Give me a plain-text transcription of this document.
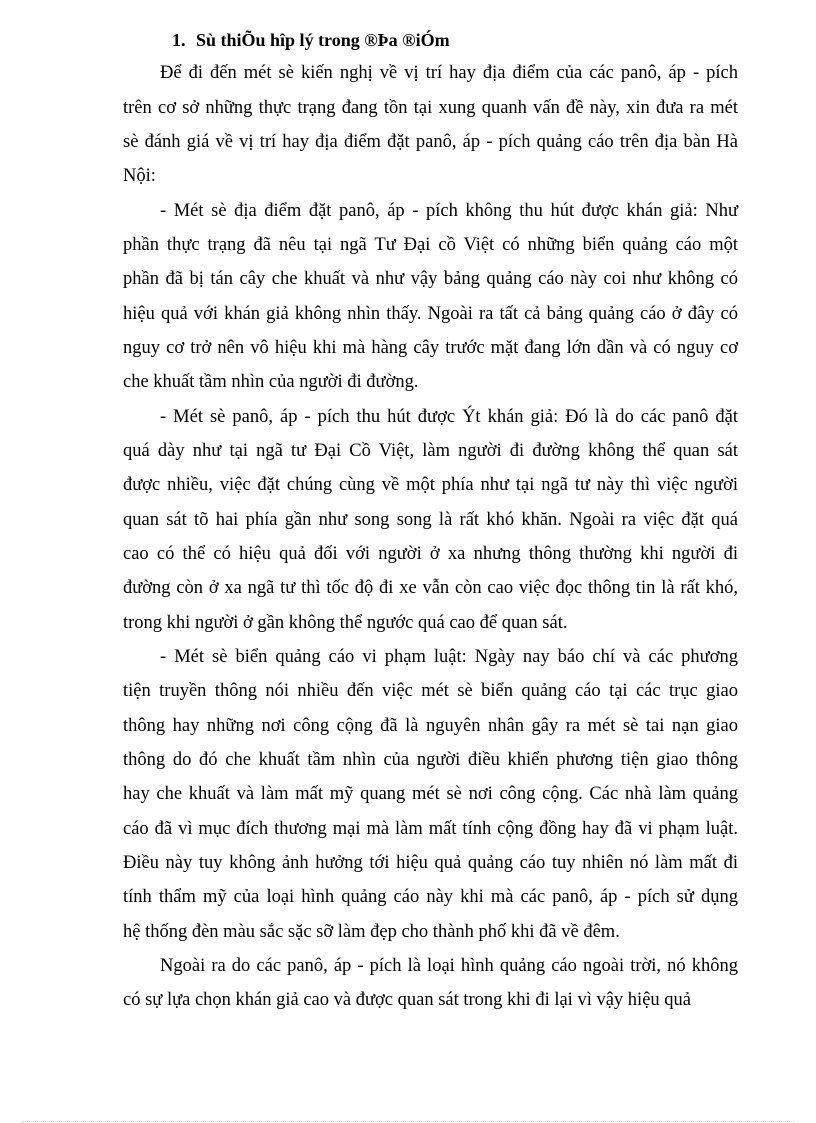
1. Sù thiÕu hîp lý trong ®Þa ®iÓm
Để đi đến mét sè kiến nghị về vị trí hay địa điểm của các panô, áp - pích
trên cơ sở những thực trạng đang tồn tại xung quanh vấn đề này, xin đưa ra mét
sè đánh giá về vị trí hay địa điểm đặt panô, áp - pích quảng cáo trên địa bàn Hà
Nội:
- Mét sè địa điểm đặt panô, áp - pích không thu hút được khán giả: Như
phần thực trạng đã nêu tại ngã Tư Đại cồ Việt có những biển quảng cáo một
phần đã bị tán cây che khuất và như vậy bảng quảng cáo này coi như không có
hiệu quả với khán giả không nhìn thấy. Ngoài ra tất cả bảng quảng cáo ở đây có
nguy cơ trở nên vô hiệu khi mà hàng cây trước mặt đang lớn dần và có nguy cơ
che khuất tầm nhìn của người đi đường.
- Mét sè panô, áp - pích thu hút được Ýt khán giả: Đó là do các panô đặt
quá dày như tại ngã tư Đại Cồ Việt, làm người đi đường không thể quan sát
được nhiều, việc đặt chúng cùng về một phía như tại ngã tư này thì việc người
quan sát tõ hai phía gần như song song là rất khó khăn. Ngoài ra việc đặt quá
cao có thể có hiệu quả đối với người ở xa nhưng thông thường khi người đi
đường còn ở xa ngã tư thì tốc độ đi xe vẫn còn cao việc đọc thông tin là rất khó,
trong khi người ở gần không thể ngước quá cao để quan sát.
- Mét sè biển quảng cáo vi phạm luật: Ngày nay báo chí và các phương
tiện truyền thông nói nhiều đến việc mét sè biển quảng cáo tại các trục giao
thông hay những nơi công cộng đã là nguyên nhân gây ra mét sè tai nạn giao
thông do đó che khuất tầm nhìn của người điều khiển phương tiện giao thông
hay che khuất và làm mất mỹ quang mét sè nơi công cộng. Các nhà làm quảng
cáo đã vì mục đích thương mại mà làm mất tính cộng đồng hay đã vi phạm luật.
Điều này tuy không ảnh hưởng tới hiệu quả quảng cáo tuy nhiên nó làm mất đi
tính thẩm mỹ của loại hình quảng cáo này khi mà các panô, áp - pích sử dụng
hệ thống đèn màu sắc sặc sỡ làm đẹp cho thành phố khi đã về đêm.
Ngoài ra do các panô, áp - pích là loại hình quảng cáo ngoài trời, nó không
có sự lựa chọn khán giả cao và được quan sát trong khi đi lại vì vậy hiệu quả
